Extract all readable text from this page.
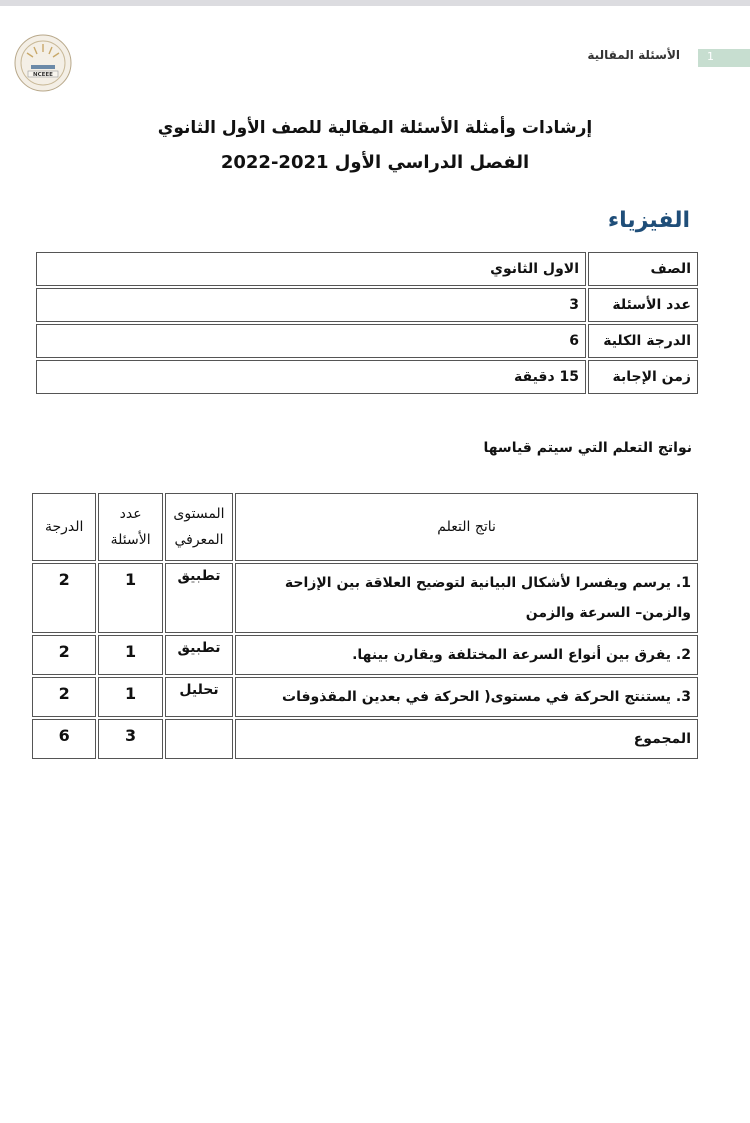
NCEEE
1
الأسئلة المقالية
إرشادات وأمثلة الأسئلة المقالية للصف الأول الثانوي
الفصل الدراسي الأول 2021-2022
الفيزياء
الصف	الاول الثانوي
عدد الأسئلة	3
الدرجة الكلية	6
زمن الإجابة	15 دقيقة
نواتج التعلم التي سيتم قياسها
ناتج التعلم	المستوى المعرفي	عدد الأسئلة	الدرجة
1. يرسم ويفسرا لأشكال البيانية لتوضيح العلاقة بين الإزاحة والزمن– السرعة والزمن	تطبيق	1	2
2. يفرق بين أنواع السرعة المختلفة ويقارن بينها.	تطبيق	1	2
3. يستنتج الحركة في مستوى( الحركة في بعدين المقذوفات	تحليل	1	2
المجموع		3	6
